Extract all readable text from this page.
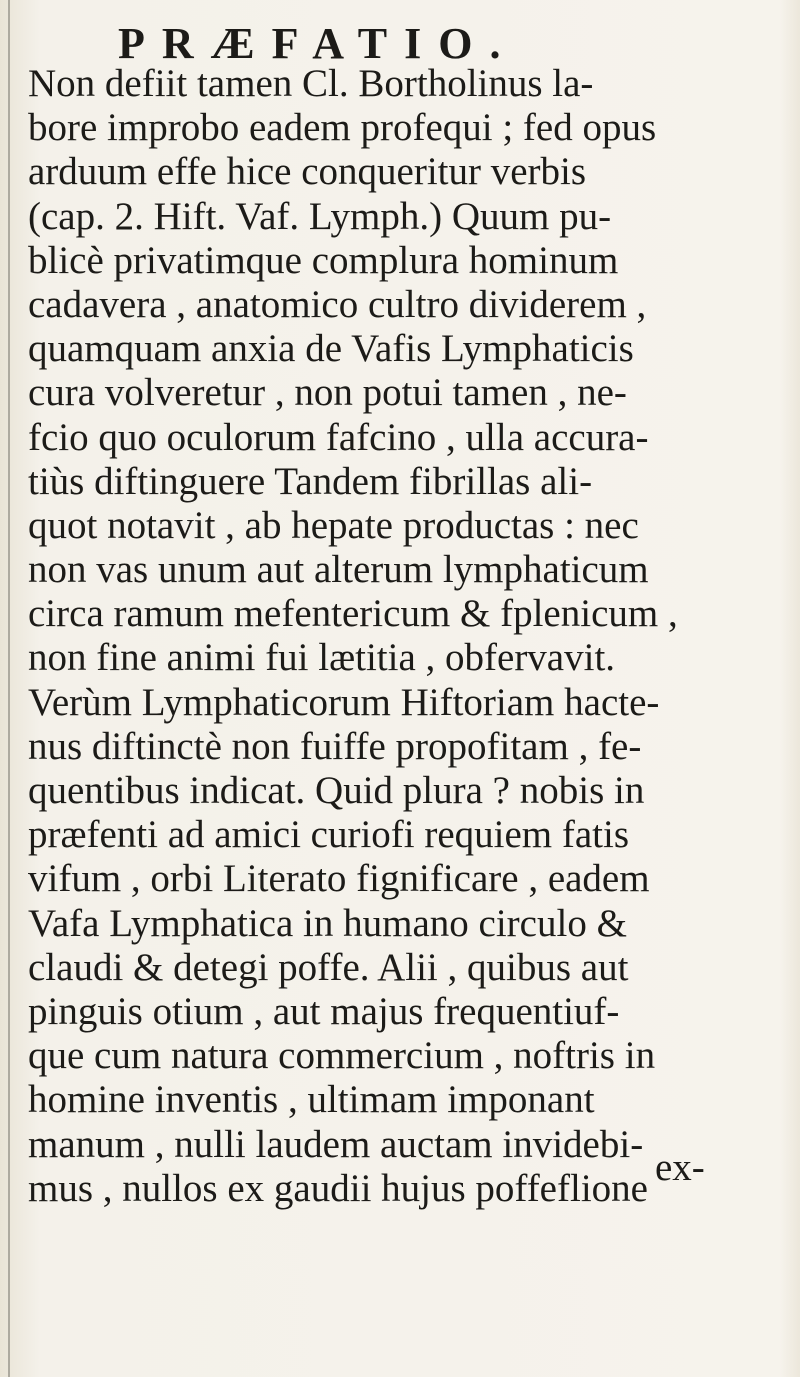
PRÆFATIO.
Non defiit tamen Cl. Bortholinus la-
bore improbo eadem profequi ; fed opus
arduum effe hice conqueritur verbis
(cap. 2. Hift. Vaf. Lymph.) Quum pu-
blicè privatimque complura hominum
cadavera , anatomico cultro dividerem ,
quamquam anxia de Vafis Lymphaticis
cura volveretur , non potui tamen , ne-
fcio quo oculorum fafcino , ulla accura-
tiùs diftinguere Tandem fibrillas ali-
quot notavit , ab hepate productas : nec
non vas unum aut alterum lymphaticum
circa ramum mefentericum & fplenicum ,
non fine animi fui lætitia , obfervavit.
Verùm Lymphaticorum Hiftoriam hacte-
nus diftinctè non fuiffe propofitam , fe-
quentibus indicat. Quid plura ? nobis in
præfenti ad amici curiofi requiem fatis
vifum , orbi Literato fignificare , eadem
Vafa Lymphatica in humano circulo &
claudi & detegi poffe. Alii , quibus aut
pinguis otium , aut majus frequentiuf-
que cum natura commercium , noftris in
homine inventis , ultimam imponant
manum , nulli laudem auctam invidebi-
mus , nullos ex gaudii hujus poffeflione ex-
